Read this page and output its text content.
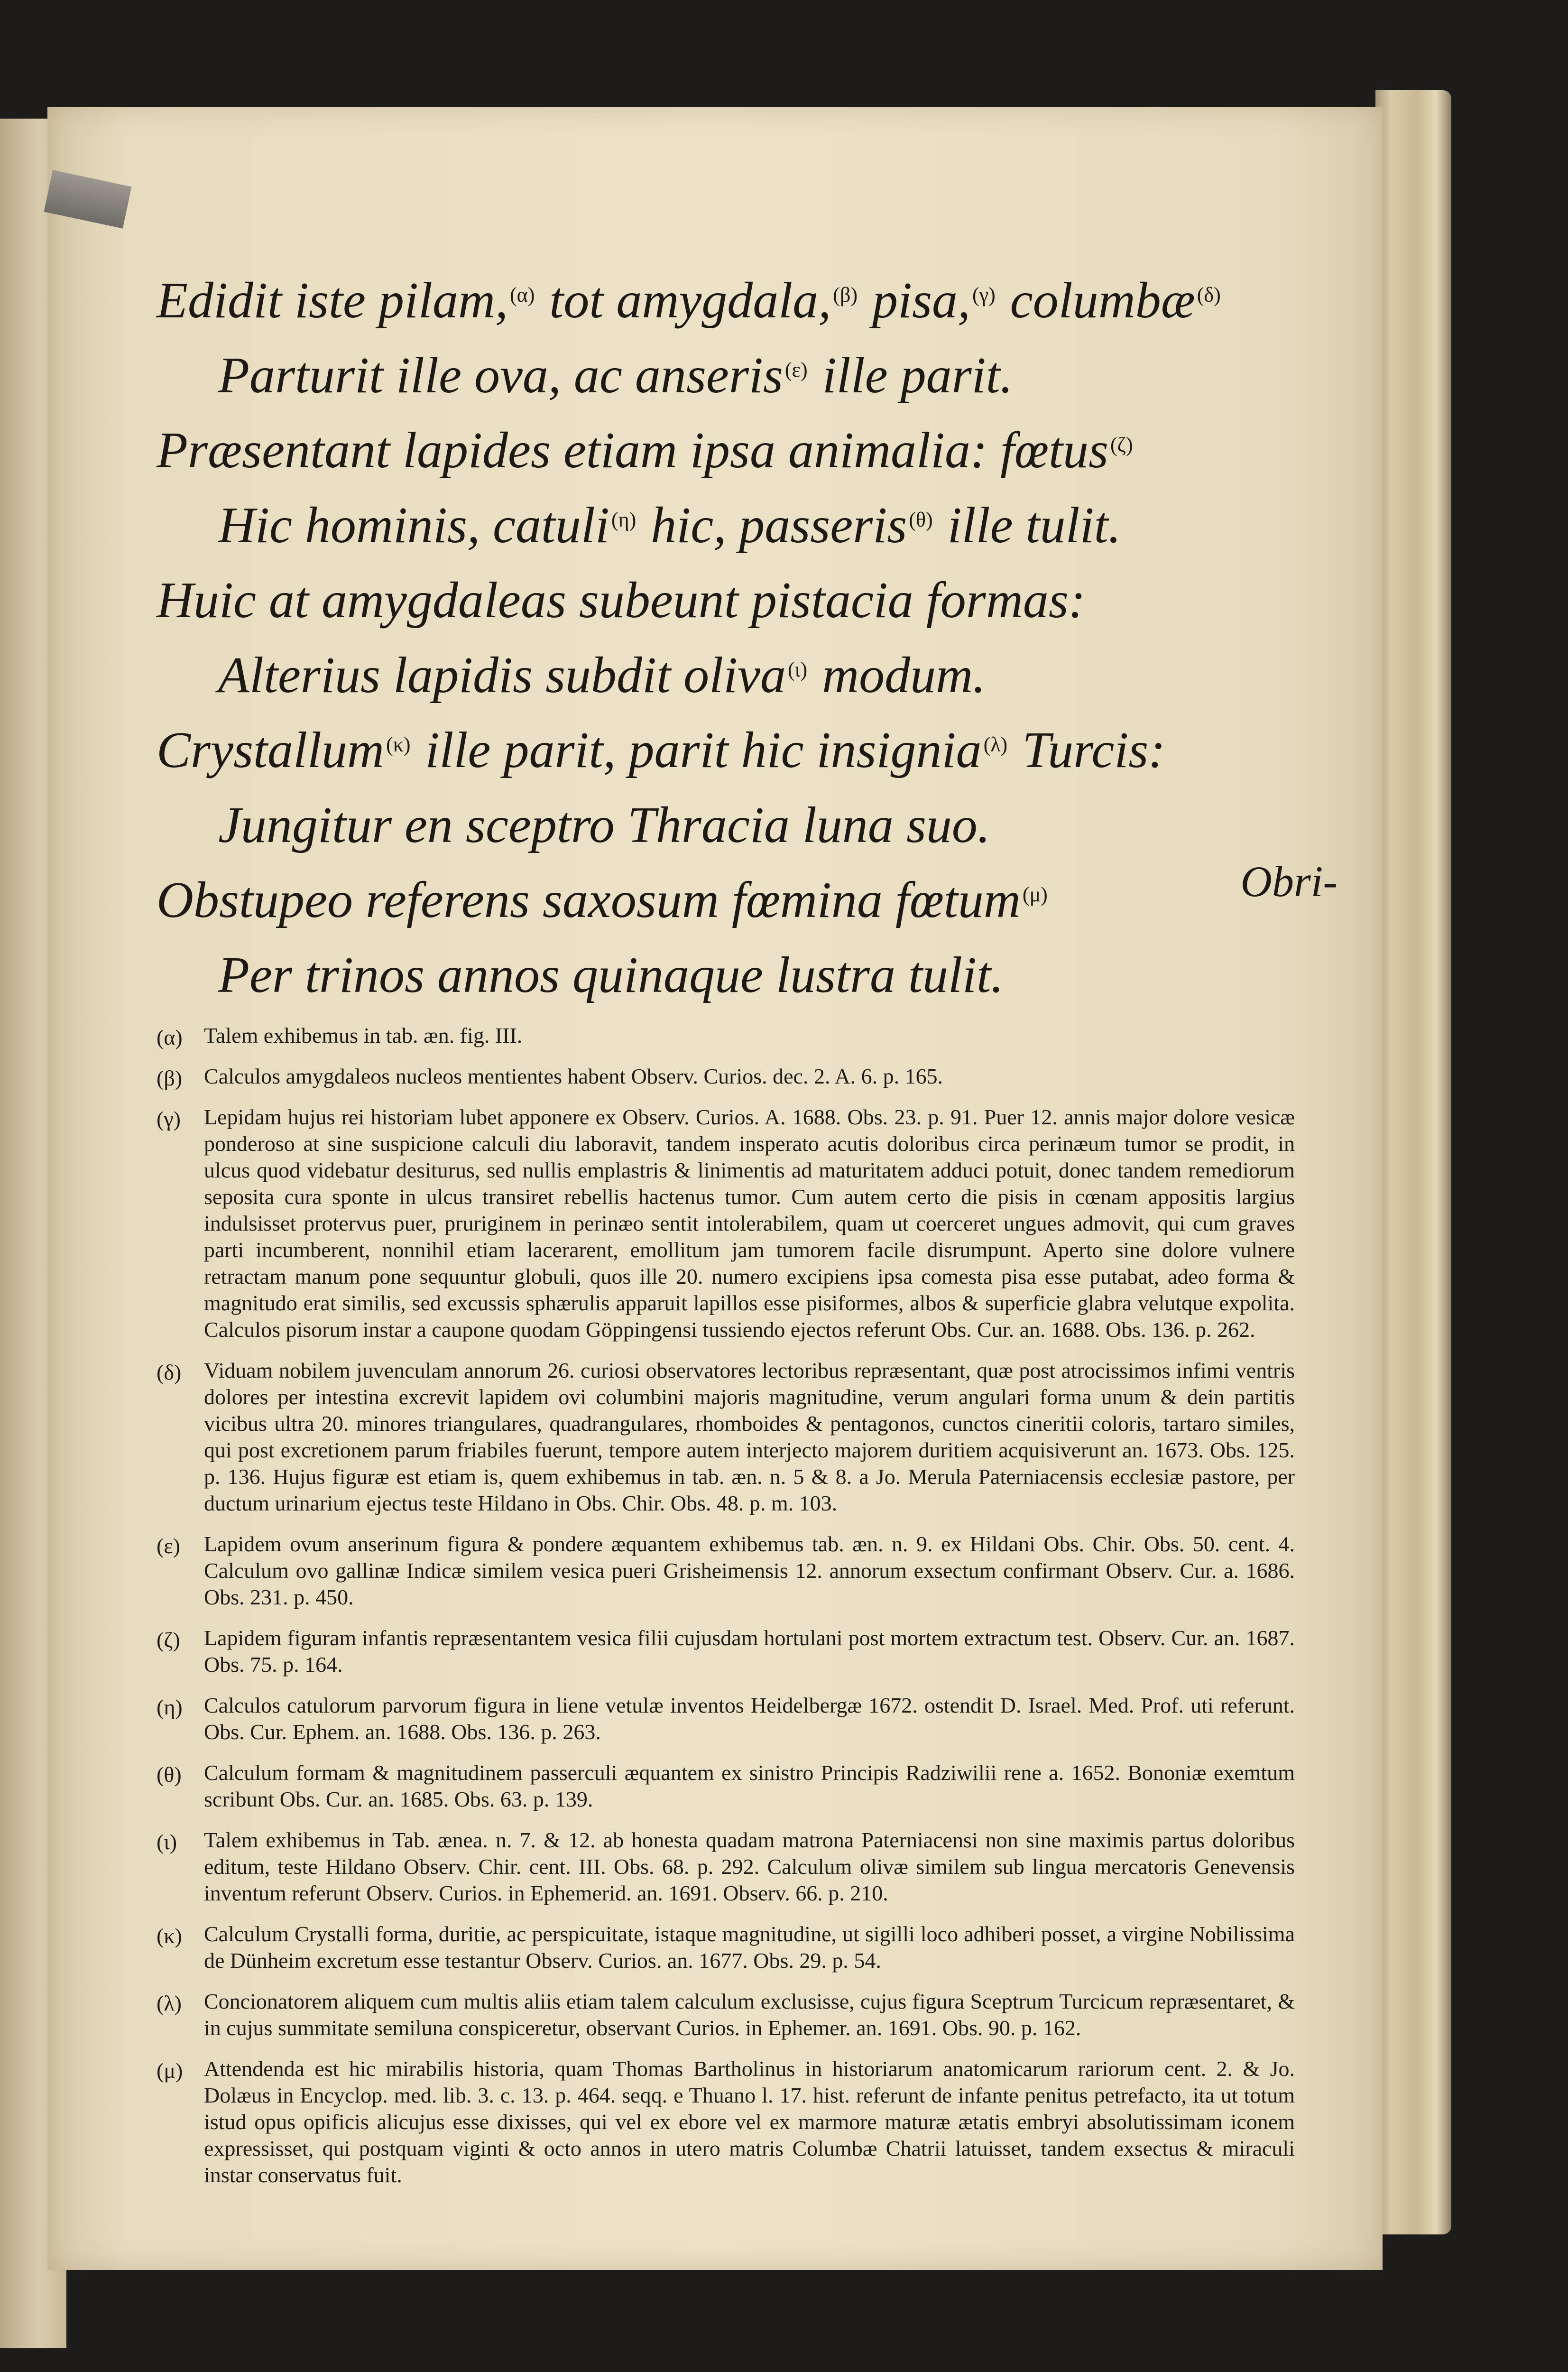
Edidit iste pilam,$^{(\alpha)}$ tot amygdala,$^{(\beta)}$ pisa,$^{(\gamma)}$ columbæ$^{(\delta)}$
Parturit ille ova, ac anseris$^{(\varepsilon)}$ ille parit.
Præsentant lapides etiam ipsa animalia: fœtus$^{(\zeta)}$
Hic hominis, catuli$^{(\eta)}$ hic, passeris$^{(\theta)}$ ille tulit.
Huic at amygdaleas subeunt pistacia formas:
Alterius lapidis subdit oliva$^{(\iota)}$ modum.
Crystallum$^{(\kappa)}$ ille parit, parit hic insignia$^{(\lambda)}$ Turcis:
Jungitur en sceptro Thracia luna suo.
Obstupeo referens saxosum fœmina fœtum$^{(\mu)}$
Per trinos annos quinaque lustra tulit.
Obri-
(α) Talem exhibemus in tab. æn. fig. III.
(β) Calculos amygdaleos nucleos mentientes habent Observ. Curios. dec. 2. A. 6. p. 165.
(γ) Lepidam hujus rei historiam lubet apponere ex Observ. Curios. A. 1688. Obs. 23. p. 91. Puer 12. annis major dolore vesicæ ponderoso at sine suspicione calculi diu laboravit, tandem insperato acutis doloribus circa perinæum tumor se prodit, in ulcus quod videbatur desiturus, sed nullis emplastris & linimentis ad maturitatem adduci potuit, donec tandem remediorum seposita cura sponte in ulcus transiret rebellis hactenus tumor. Cum autem certo die pisis in cœnam appositis largius indulsisset protervus puer, pruriginem in perinæo sentit intolerabilem, quam ut coerceret ungues admovit, qui cum graves parti incumberent, nonnihil etiam lacerarent, emollitum jam tumorem facile disrumpunt. Aperto sine dolore vulnere retractam manum pone sequuntur globuli, quos ille 20. numero excipiens ipsa comesta pisa esse putabat, adeo forma & magnitudo erat similis, sed excussis sphærulis apparuit lapillos esse pisiformes, albos & superficie glabra velutque expolita. Calculos pisorum instar a caupone quodam Göppingensi tussiendo ejectos referunt Obs. Cur. an. 1688. Obs. 136. p. 262.
(δ) Viduam nobilem juvenculam annorum 26. curiosi observatores lectoribus repræsentant, quæ post atrocissimos infimi ventris dolores per intestina excrevit lapidem ovi columbini majoris magnitudine, verum angulari forma unum & dein partitis vicibus ultra 20. minores triangulares, quadrangulares, rhomboides & pentagonos, cunctos cineritii coloris, tartaro similes, qui post excretionem parum friabiles fuerunt, tempore autem interjecto majorem duritiem acquisiverunt an. 1673. Obs. 125. p. 136. Hujus figuræ est etiam is, quem exhibemus in tab. æn. n. 5 & 8. a Jo. Merula Paterniacensis ecclesiæ pastore, per ductum urinarium ejectus teste Hildano in Obs. Chir. Obs. 48. p. m. 103.
(ε) Lapidem ovum anserinum figura & pondere æquantem exhibemus tab. æn. n. 9. ex Hildani Obs. Chir. Obs. 50. cent. 4. Calculum ovo gallinæ Indicæ similem vesica pueri Grisheimensis 12. annorum exsectum confirmant Observ. Cur. a. 1686. Obs. 231. p. 450.
(ζ) Lapidem figuram infantis repræsentantem vesica filii cujusdam hortulani post mortem extractum test. Observ. Cur. an. 1687. Obs. 75. p. 164.
(η) Calculos catulorum parvorum figura in liene vetulæ inventos Heidelbergæ 1672. ostendit D. Israel. Med. Prof. uti referunt. Obs. Cur. Ephem. an. 1688. Obs. 136. p. 263.
(θ) Calculum formam & magnitudinem passerculi æquantem ex sinistro Principis Radziwilii rene a. 1652. Bononiæ exemtum scribunt Obs. Cur. an. 1685. Obs. 63. p. 139.
(ι) Talem exhibemus in Tab. ænea. n. 7. & 12. ab honesta quadam matrona Paterniacensi non sine maximis partus doloribus editum, teste Hildano Observ. Chir. cent. III. Obs. 68. p. 292. Calculum olivæ similem sub lingua mercatoris Genevensis inventum referunt Observ. Curios. in Ephemerid. an. 1691. Observ. 66. p. 210.
(κ) Calculum Crystalli forma, duritie, ac perspicuitate, istaque magnitudine, ut sigilli loco adhiberi posset, a virgine Nobilissima de Dünheim excretum esse testantur Observ. Curios. an. 1677. Obs. 29. p. 54.
(λ) Concionatorem aliquem cum multis aliis etiam talem calculum exclusisse, cujus figura Sceptrum Turcicum repræsentaret, & in cujus summitate semiluna conspiceretur, observant Curios. in Ephemer. an. 1691. Obs. 90. p. 162.
(μ) Attendenda est hic mirabilis historia, quam Thomas Bartholinus in historiarum anatomicarum rariorum cent. 2. & Jo. Dolæus in Encyclop. med. lib. 3. c. 13. p. 464. seqq. e Thuano l. 17. hist. referunt de infante penitus petrefacto, ita ut totum istud opus opificis alicujus esse dixisses, qui vel ex ebore vel ex marmore maturæ ætatis embryi absolutissimam iconem expressisset, qui postquam viginti & octo annos in utero matris Columbæ Chatrii latuisset, tandem exsectus & miraculi instar conservatus fuit.
